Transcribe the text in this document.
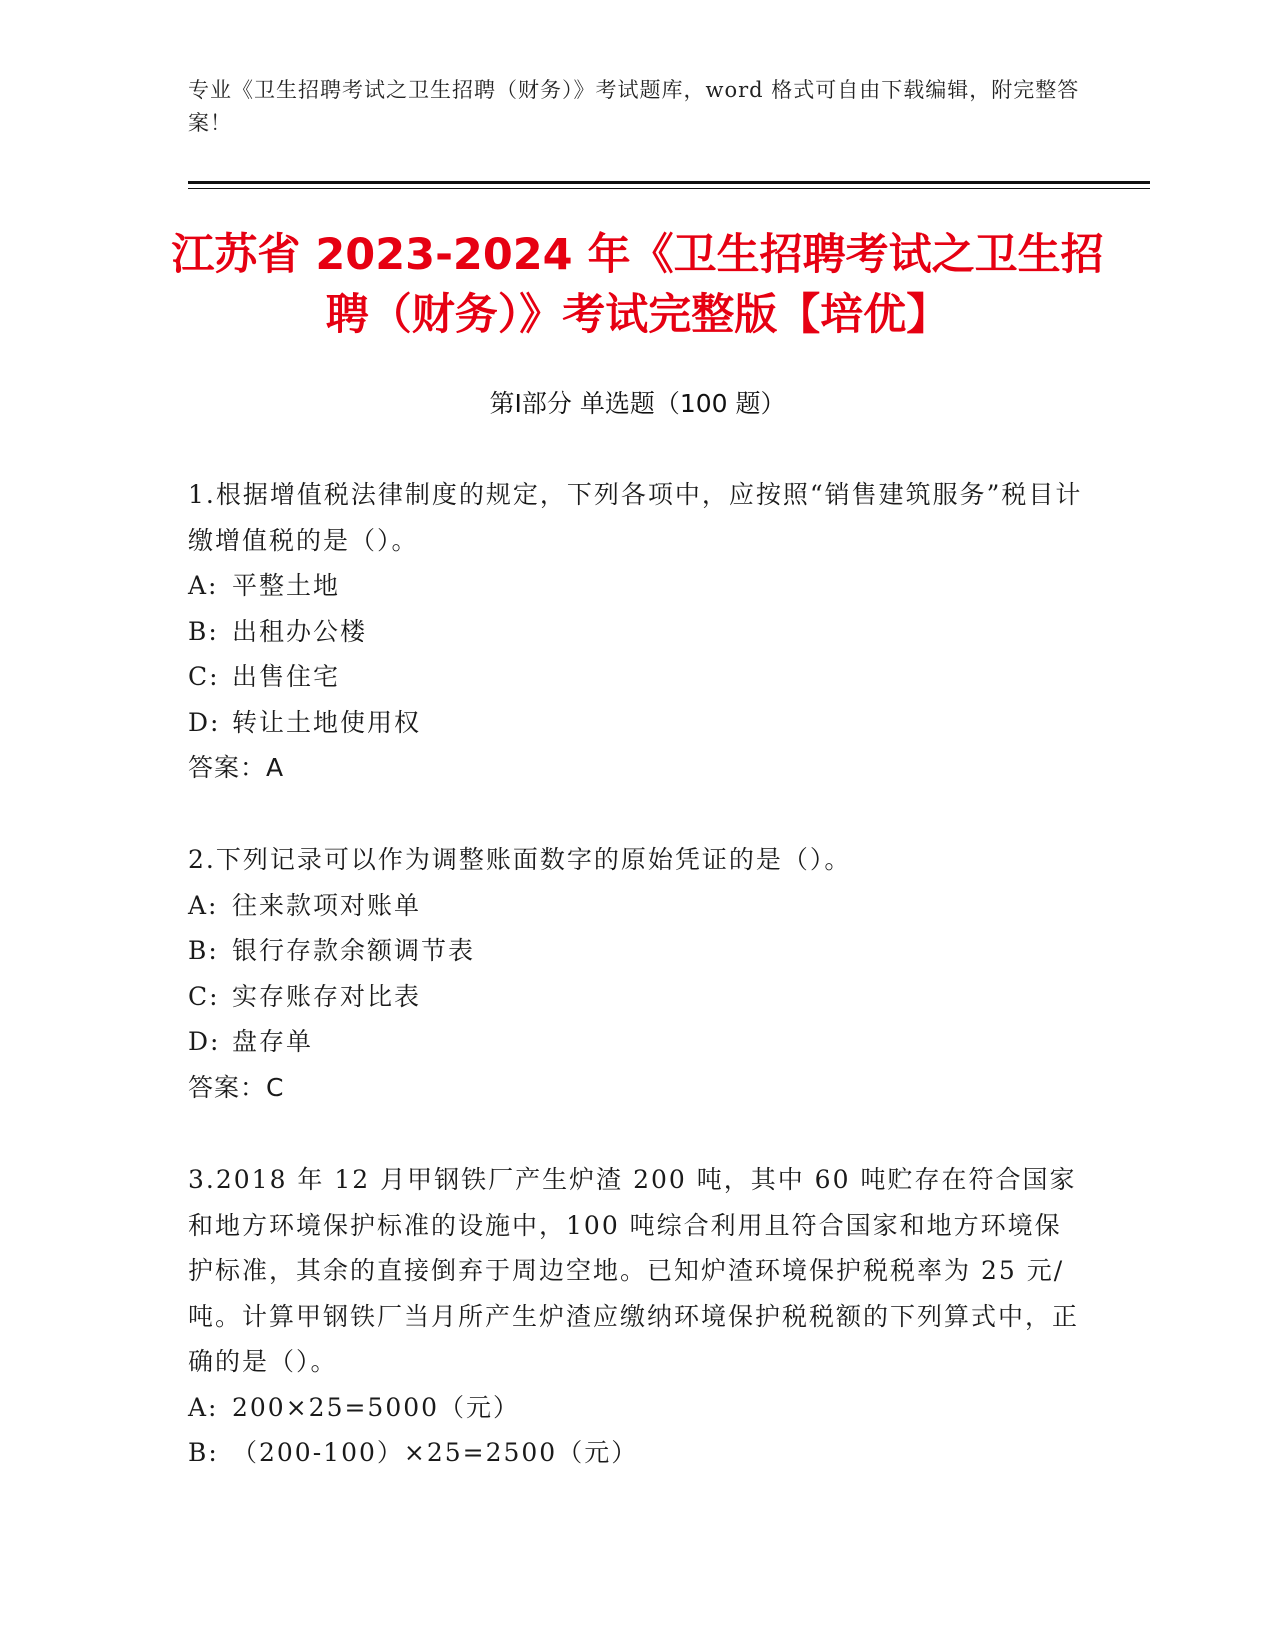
专业《卫生招聘考试之卫生招聘（财务）》考试题库，word 格式可自由下载编辑，附完整答案！
江苏省 2023-2024 年《卫生招聘考试之卫生招聘（财务）》考试完整版【培优】
第Ⅰ部分 单选题（100 题）

1.根据增值税法律制度的规定，下列各项中，应按照“销售建筑服务”税目计缴增值税的是（）。

A: 平整土地

B: 出租办公楼

C: 出售住宅

D: 转让土地使用权

答案：A

2.下列记录可以作为调整账面数字的原始凭证的是（）。

A: 往来款项对账单

B: 银行存款余额调节表

C: 实存账存对比表

D: 盘存单

答案：C

3.2018 年 12 月甲钢铁厂产生炉渣 200 吨，其中 60 吨贮存在符合国家和地方环境保护标准的设施中，100 吨综合利用且符合国家和地方环境保护标准，其余的直接倒弃于周边空地。已知炉渣环境保护税税率为 25 元/吨。计算甲钢铁厂当月所产生炉渣应缴纳环境保护税税额的下列算式中，正确的是（）。

A: 200×25=5000（元）

B: （200-100）×25=2500（元）
